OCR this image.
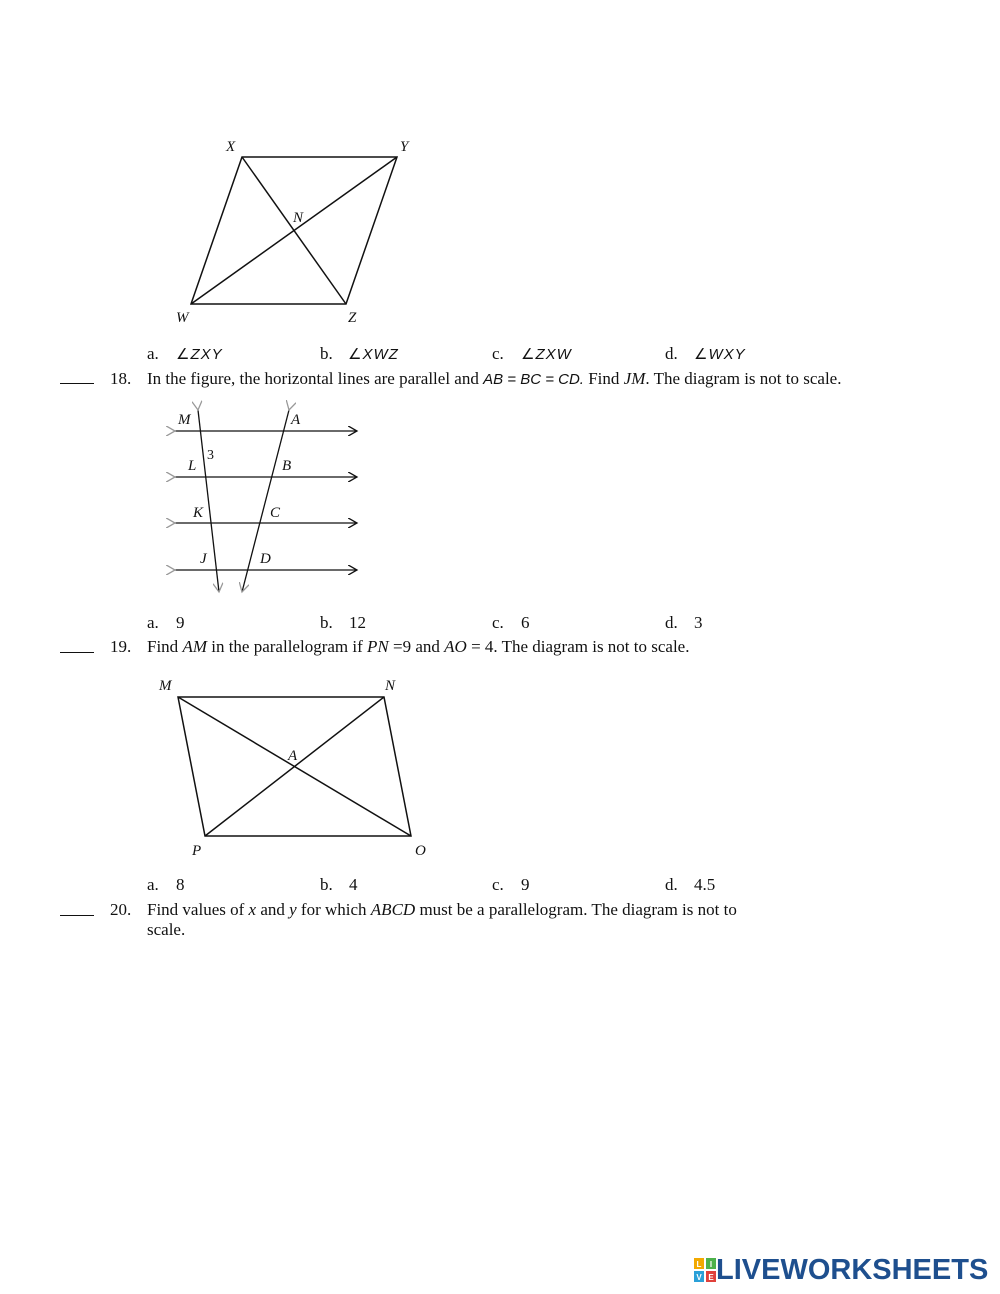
X	Y
N
W	Z
a. ∠ZXY	b. ∠XWZ	c. ∠ZXW	d. ∠WXY
18. In the figure, the horizontal lines are parallel and AB = BC = CD. Find JM. The diagram is not to scale.
M	A
3
L	B
K	C
J	D
a. 9	b. 12	c. 6	d. 3
19. Find AM in the parallelogram if PN =9 and AO = 4. The diagram is not to scale.
M	N
A
P	O
a. 8	b. 4	c. 9	d. 4.5
20. Find values of x and y for which ABCD must be a parallelogram. The diagram is not to
scale.
L I
V E LIVEWORKSHEETS
